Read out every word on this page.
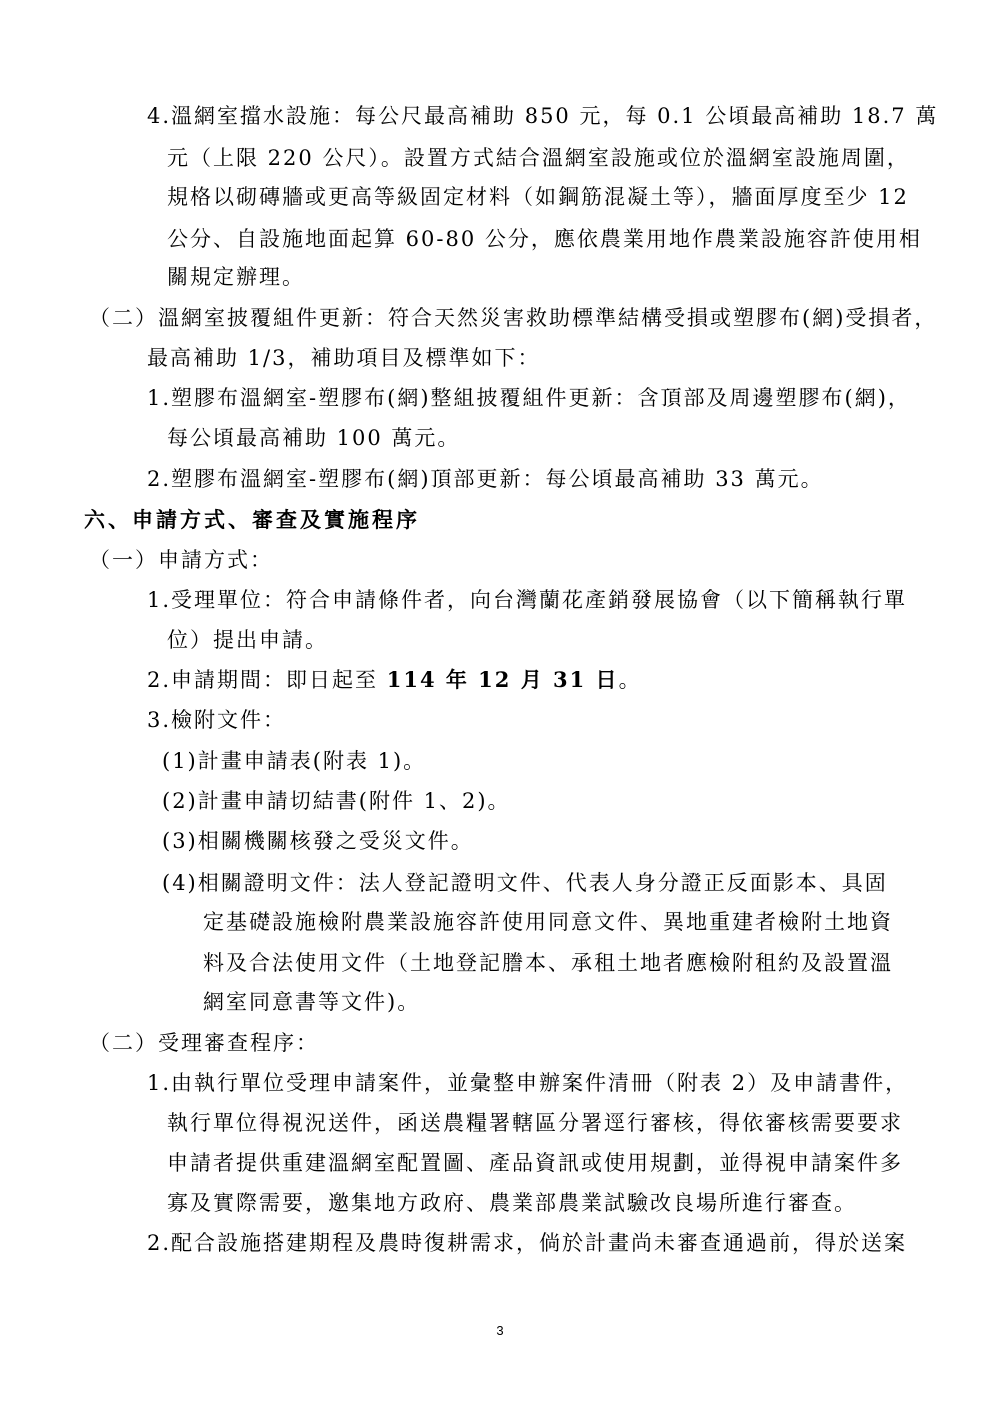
4.溫網室擋水設施：每公尺最高補助 850 元，每 0.1 公頃最高補助 18.7 萬
元（上限 220 公尺）。設置方式結合溫網室設施或位於溫網室設施周圍，
規格以砌磚牆或更高等級固定材料（如鋼筋混凝土等），牆面厚度至少 12
公分、自設施地面起算 60-80 公分，應依農業用地作農業設施容許使用相
關規定辦理。
（二）溫網室披覆組件更新：符合天然災害救助標準結構受損或塑膠布(網)受損者，
最高補助 1/3，補助項目及標準如下：
1.塑膠布溫網室-塑膠布(網)整組披覆組件更新：含頂部及周邊塑膠布(網)，
每公頃最高補助 100 萬元。
2.塑膠布溫網室-塑膠布(網)頂部更新：每公頃最高補助 33 萬元。
六、申請方式、審查及實施程序
（一）申請方式：
1.受理單位：符合申請條件者，向台灣蘭花產銷發展協會（以下簡稱執行單
位）提出申請。
2.申請期間：即日起至 114 年 12 月 31 日。
3.檢附文件：
(1)計畫申請表(附表 1)。
(2)計畫申請切結書(附件 1、2)。
(3)相關機關核發之受災文件。
(4)相關證明文件：法人登記證明文件、代表人身分證正反面影本、具固
定基礎設施檢附農業設施容許使用同意文件、異地重建者檢附土地資
料及合法使用文件（土地登記謄本、承租土地者應檢附租約及設置溫
網室同意書等文件)。
（二）受理審查程序：
1.由執行單位受理申請案件，並彙整申辦案件清冊（附表 2）及申請書件，
執行單位得視況送件，函送農糧署轄區分署逕行審核，得依審核需要要求
申請者提供重建溫網室配置圖、產品資訊或使用規劃，並得視申請案件多
寡及實際需要，邀集地方政府、農業部農業試驗改良場所進行審查。
2.配合設施搭建期程及農時復耕需求，倘於計畫尚未審查通過前，得於送案
3
